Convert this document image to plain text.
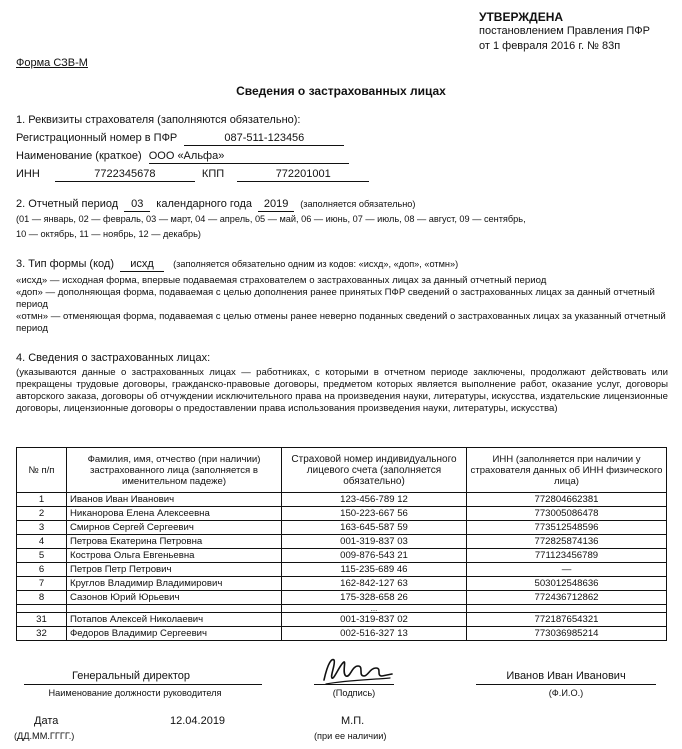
УТВЕРЖДЕНА
постановлением Правления ПФР
от 1 февраля 2016 г. № 83п
Форма СЗВ-М
Сведения о застрахованных лицах
1. Реквизиты страхователя (заполняются обязательно):
Регистрационный номер в ПФР	087-511-123456
Наименование (краткое) ООО «Альфа»
ИНН	7722345678	КПП	772201001
2. Отчетный период 03 календарного года 2019 (заполняется обязательно)
(01 — январь, 02 — февраль, 03 — март, 04 — апрель, 05 — май, 06 — июнь, 07 — июль, 08 — август, 09 — сентябрь,
10 — октябрь, 11 — ноябрь, 12 — декабрь)
3. Тип формы (код) исхд (заполняется обязательно одним из кодов: «исхд», «доп», «отмн»)
«исхд» — исходная форма, впервые подаваемая страхователем о застрахованных лицах за данный отчетный период
«доп» — дополняющая форма, подаваемая с целью дополнения ранее принятых ПФР сведений о застрахованных лицах за данный отчетный период
«отмн» — отменяющая форма, подаваемая с целью отмены ранее неверно поданных сведений о застрахованных лицах за указанный отчетный период
4. Сведения о застрахованных лицах:
(указываются данные о застрахованных лицах — работниках, с которыми в отчетном периоде заключены, продолжают действовать или прекращены трудовые договоры, гражданско-правовые договоры, предметом которых является выполнение работ, оказание услуг, договоры авторского заказа, договоры об отчуждении исключительного права на произведения науки, литературы, искусства, издательские лицензионные договоры, лицензионные договоры о предоставлении права использования произведения науки, литературы, искусства)
№ п/п	Фамилия, имя, отчество (при наличии) застрахованного лица (заполняется в именительном падеже)	Страховой номер индивидуального лицевого счета (заполняется обязательно)	ИНН (заполняется при наличии у страхователя данных об ИНН физического лица)
1	Иванов Иван Иванович	123-456-789 12	772804662381
2	Никанорова Елена Алексеевна	150-223-667 56	773005086478
3	Смирнов Сергей Сергеевич	163-645-587 59	773512548596
4	Петрова Екатерина Петровна	001-319-837 03	772825874136
5	Кострова Ольга Евгеньевна	009-876-543 21	771123456789
6	Петров Петр Петрович	115-235-689 46	—
7	Круглов Владимир Владимирович	162-842-127 63	503012548636
8	Сазонов Юрий Юрьевич	175-328-658 26	772436712862
		...	
31	Потапов Алексей Николаевич	001-319-837 02	772187654321
32	Федоров Владимир Сергеевич	002-516-327 13	773036985214
Генеральный директор
Наименование должности руководителя	(Подпись)
Иванов Иван Иванович
(Ф.И.О.)
Дата
(ДД.ММ.ГГГГ.)
12.04.2019	М.П.
(при ее наличии)
